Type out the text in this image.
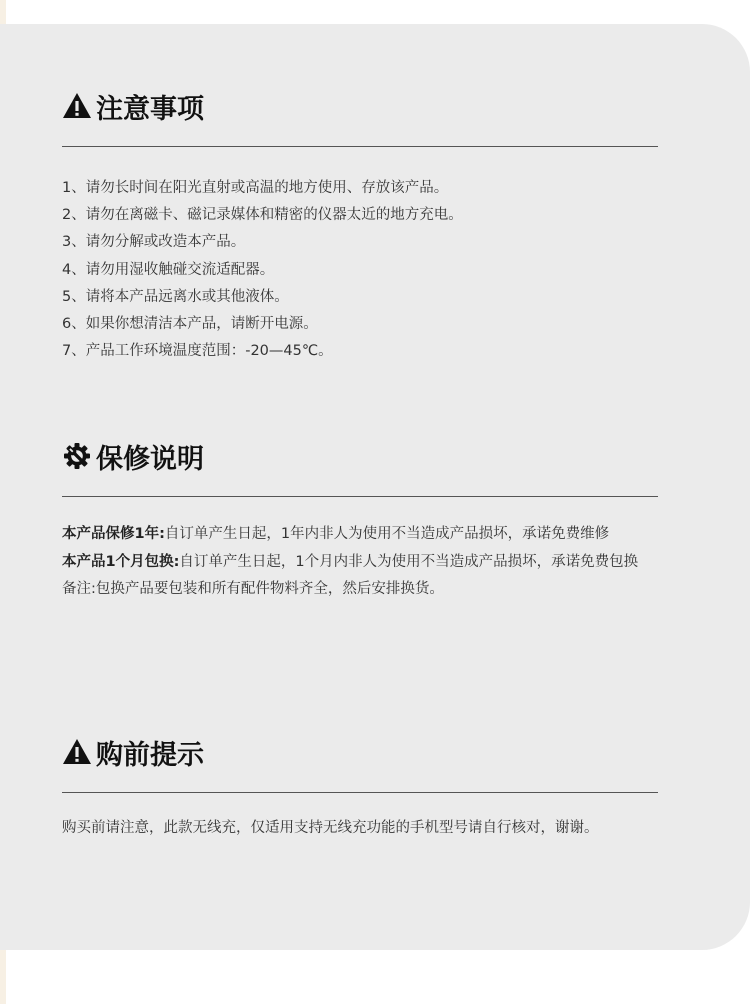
注意事项
1、请勿长时间在阳光直射或高温的地方使用、存放该产品。
2、请勿在离磁卡、磁记录媒体和精密的仪器太近的地方充电。
3、请勿分解或改造本产品。
4、请勿用湿收触碰交流适配器。
5、请将本产品远离水或其他液体。
6、如果你想清洁本产品，请断开电源。
7、产品工作环境温度范围：-20—45℃。
保修说明
本产品保修1年:自订单产生日起，1年内非人为使用不当造成产品损坏，承诺免费维修
本产品1个月包换:自订单产生日起，1个月内非人为使用不当造成产品损坏，承诺免费包换
备注:包换产品要包装和所有配件物料齐全，然后安排换货。
购前提示
购买前请注意，此款无线充，仅适用支持无线充功能的手机型号请自行核对，谢谢。
